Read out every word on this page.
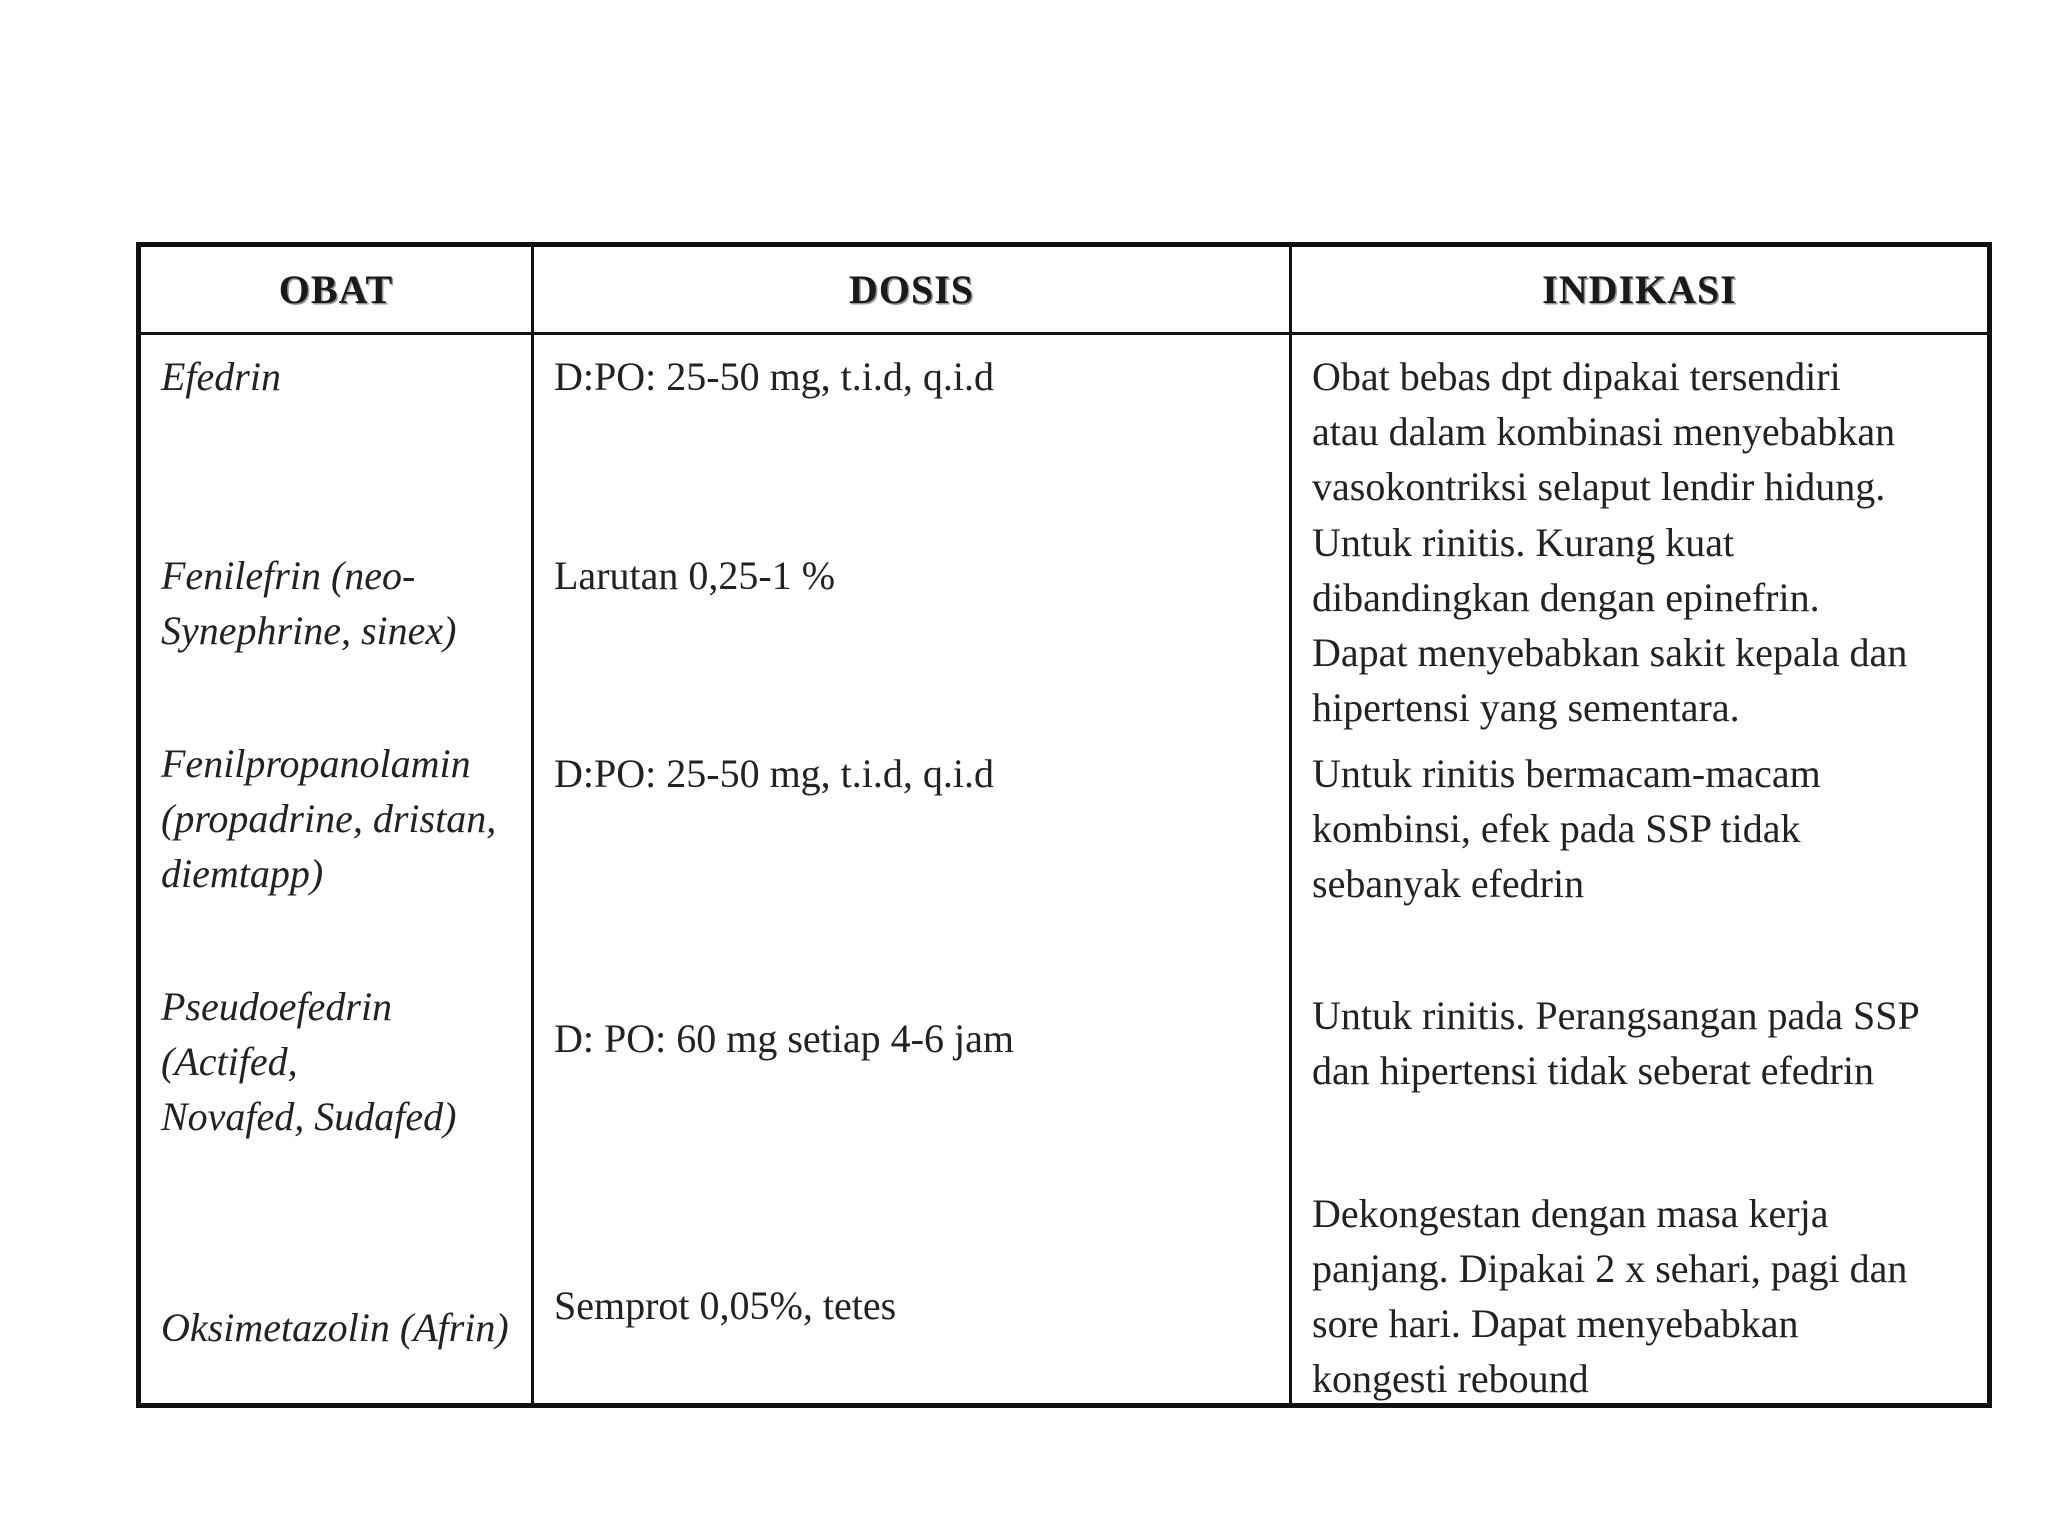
OBAT	DOSIS	INDIKASI

Efedrin

Fenilefrin (neo-
Synephrine, sinex)

Fenilpropanolamin
(propadrine, dristan,
diemtapp)

Pseudoefedrin (Actifed,
Novafed, Sudafed)

Oksimetazolin (Afrin)

D:PO: 25-50 mg, t.i.d, q.i.d

Larutan 0,25-1 %

D:PO: 25-50 mg, t.i.d, q.i.d

D: PO: 60 mg setiap 4-6 jam

Semprot 0,05%, tetes

Obat bebas dpt dipakai tersendiri
atau dalam kombinasi menyebabkan
vasokontriksi selaput lendir hidung.

Untuk rinitis. Kurang kuat
dibandingkan dengan epinefrin.
Dapat menyebabkan sakit kepala dan
hipertensi yang sementara.

Untuk rinitis bermacam-macam
kombinsi, efek pada SSP tidak
sebanyak efedrin

Untuk rinitis. Perangsangan pada SSP
dan hipertensi tidak seberat efedrin

Dekongestan dengan masa kerja
panjang. Dipakai 2 x sehari, pagi dan
sore hari. Dapat menyebabkan
kongesti rebound
